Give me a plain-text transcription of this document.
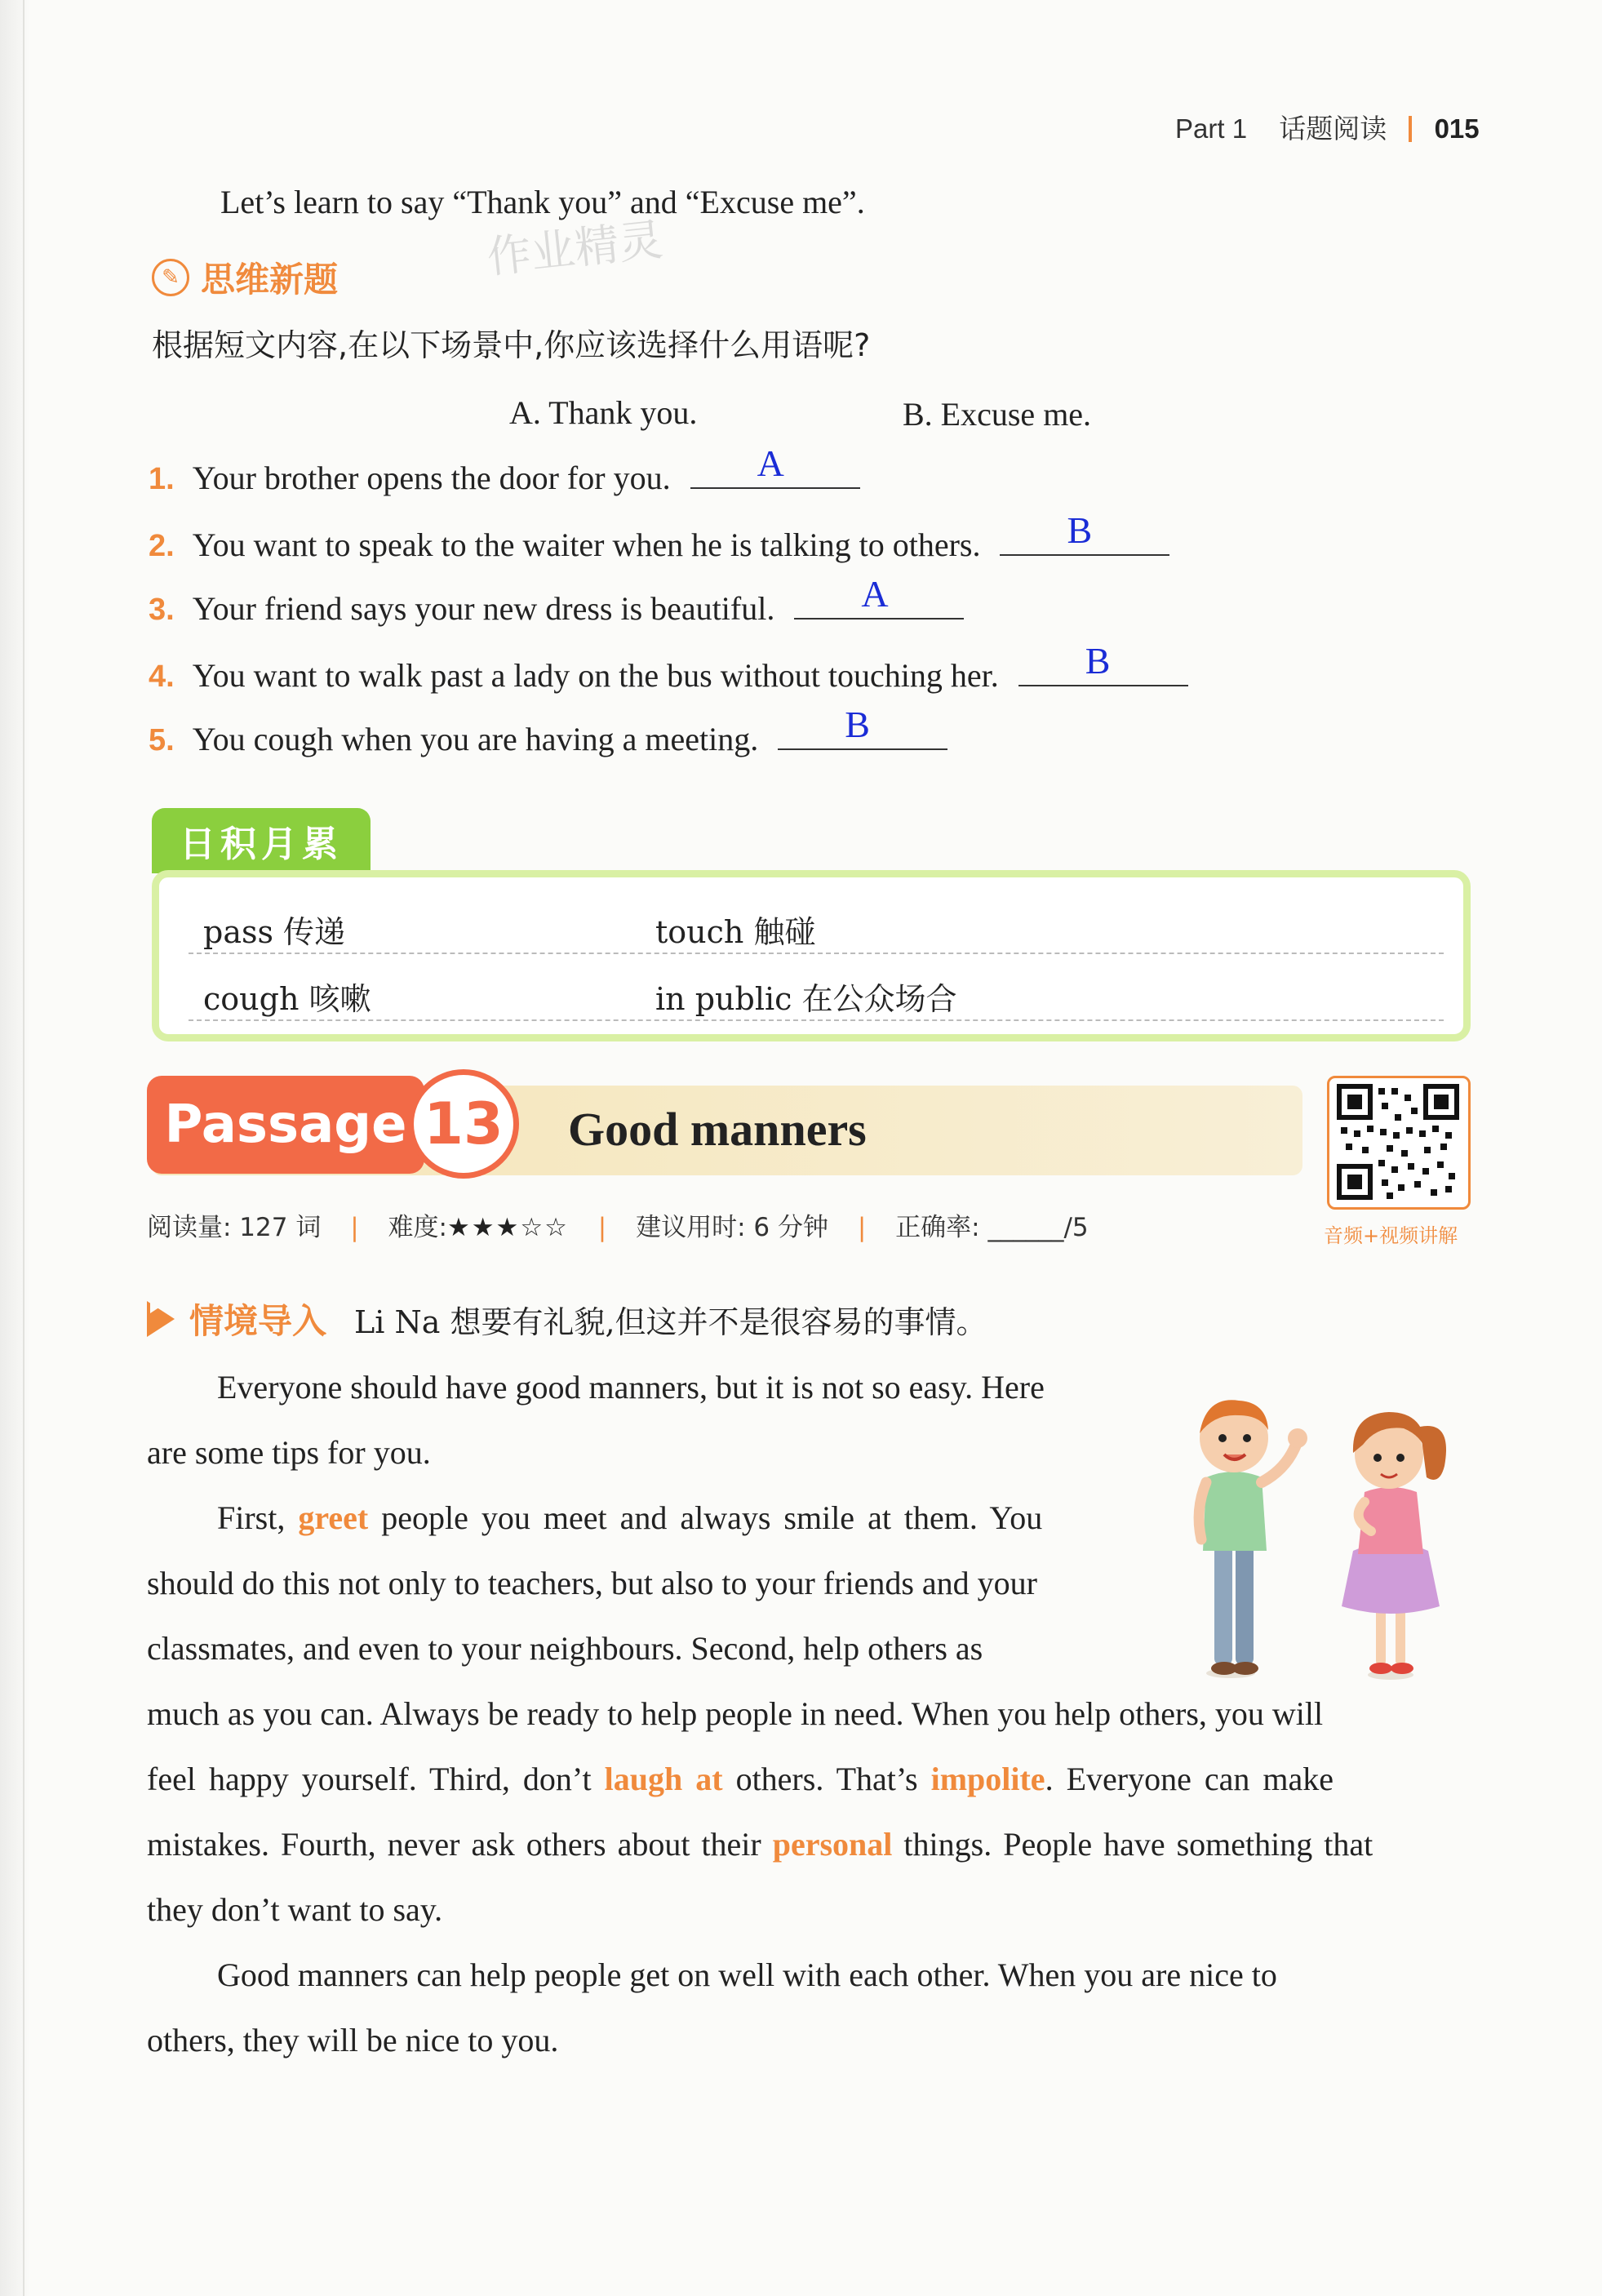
Part 1 话题阅读 015
Let’s learn to say “Thank you” and “Excuse me”.
作业精灵
✎ 思维新题
根据短文内容,在以下场景中,你应该选择什么用语呢?
A. Thank you.	B. Excuse me.
1. Your brother opens the door for you. A
2. You want to speak to the waiter when he is talking to others. B
3. Your friend says your new dress is beautiful. A
4. You want to walk past a lady on the bus without touching her. B
5. You cough when you are having a meeting. B
日积月累
pass 传递	touch 触碰
cough 咳嗽	in public 在公众场合
Passage 13	Good manners
音频+视频讲解
阅读量: 127 词 | 难度:★★★☆☆ | 建议用时: 6 分钟 | 正确率: ______/5
情境导入 Li Na 想要有礼貌,但这并不是很容易的事情。
Everyone should have good manners, but it is not so easy. Here
are some tips for you.
First, greet people you meet and always smile at them. You
should do this not only to teachers, but also to your friends and your
classmates, and even to your neighbours. Second, help others as
much as you can. Always be ready to help people in need. When you help others, you will
feel happy yourself. Third, don’t laugh at others. That’s impolite. Everyone can make
mistakes. Fourth, never ask others about their personal things. People have something that
they don’t want to say.
Good manners can help people get on well with each other. When you are nice to
others, they will be nice to you.
